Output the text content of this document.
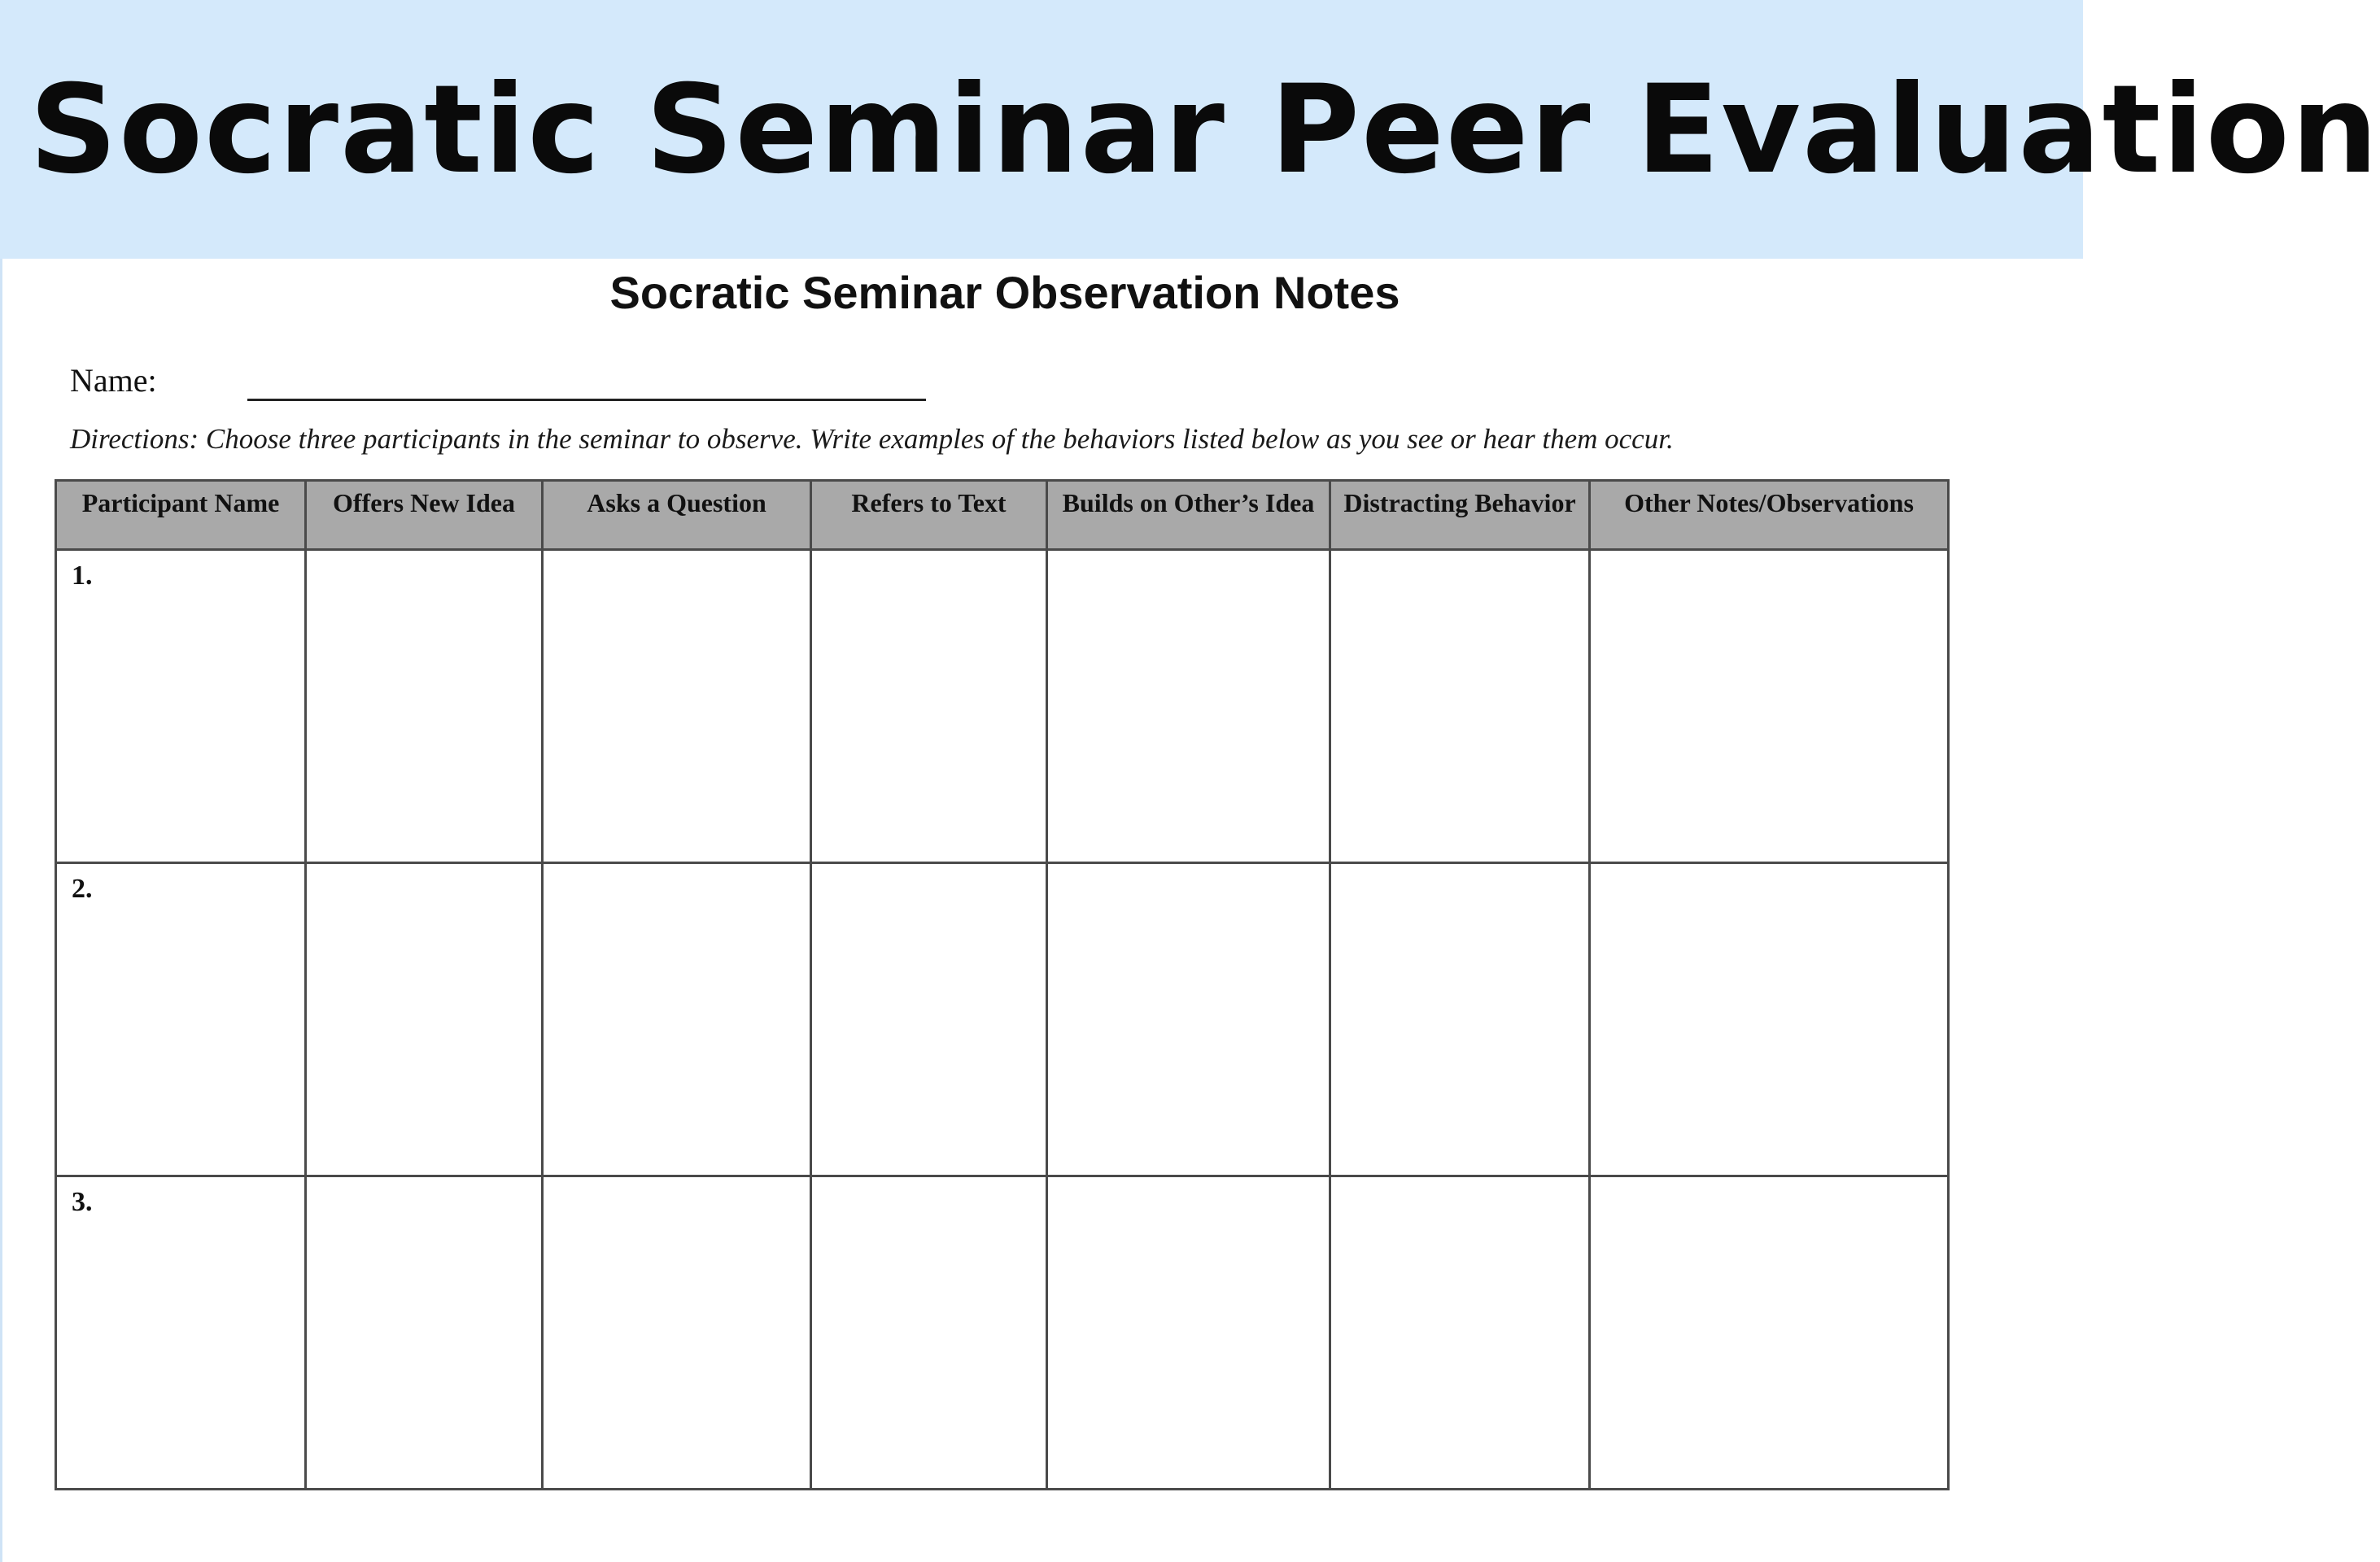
Socratic Seminar Peer Evaluation
Socratic Seminar Observation Notes
Name:
Directions: Choose three participants in the seminar to observe. Write examples of the behaviors listed below as you see or hear them occur.
Participant Name	Offers New Idea	Asks a Question	Refers to Text	Builds on Other’s Idea	Distracting Behavior	Other Notes/Observations

1.						

2.						

3.						
